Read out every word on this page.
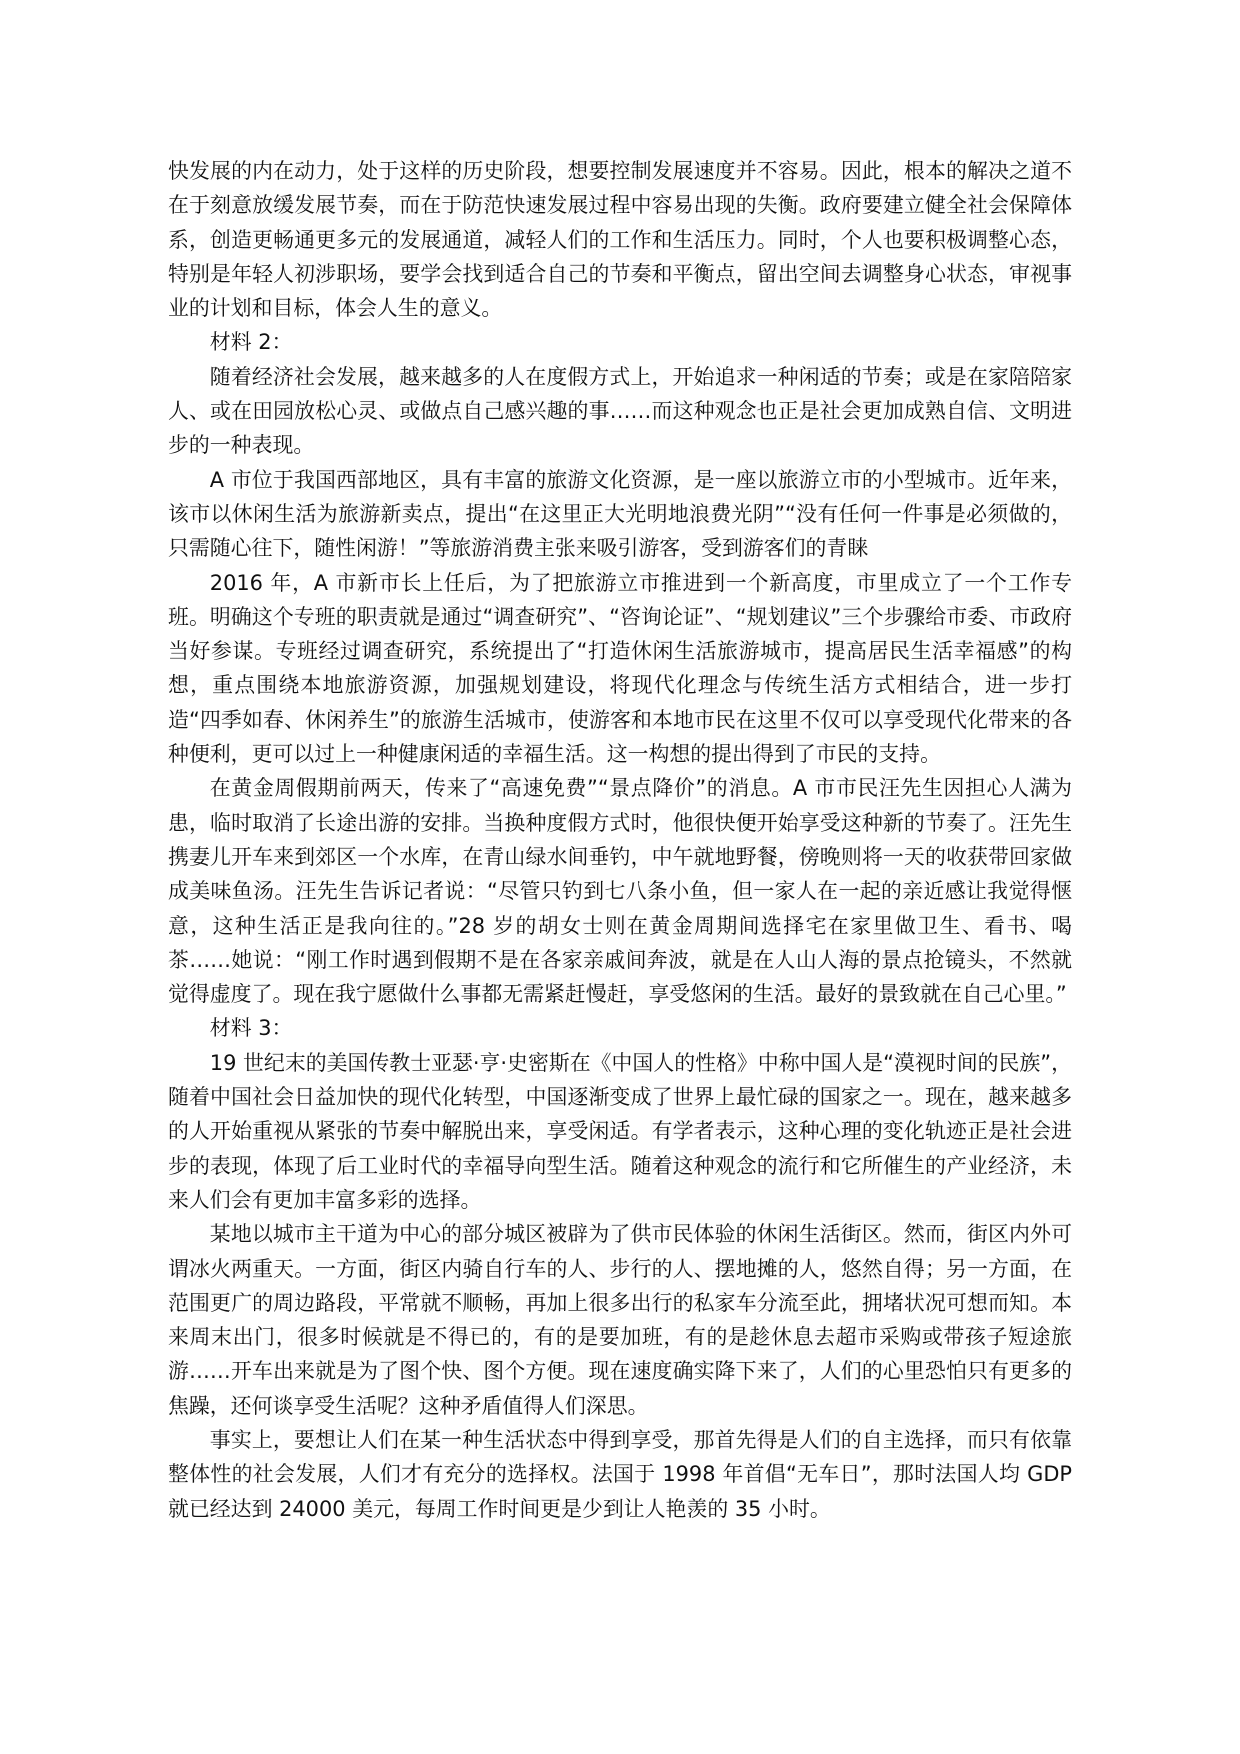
快发展的内在动力，处于这样的历史阶段，想要控制发展速度并不容易。因此，根本的解决之道不在于刻意放缓发展节奏，而在于防范快速发展过程中容易出现的失衡。政府要建立健全社会保障体系，创造更畅通更多元的发展通道，减轻人们的工作和生活压力。同时，个人也要积极调整心态，特别是年轻人初涉职场，要学会找到适合自己的节奏和平衡点，留出空间去调整身心状态，审视事业的计划和目标，体会人生的意义。

材料 2：

随着经济社会发展，越来越多的人在度假方式上，开始追求一种闲适的节奏；或是在家陪陪家人、或在田园放松心灵、或做点自己感兴趣的事……而这种观念也正是社会更加成熟自信、文明进步的一种表现。

A 市位于我国西部地区，具有丰富的旅游文化资源，是一座以旅游立市的小型城市。近年来，该市以休闲生活为旅游新卖点，提出“在这里正大光明地浪费光阴”“没有任何一件事是必须做的，只需随心往下，随性闲游！”等旅游消费主张来吸引游客，受到游客们的青睐

2016 年，A 市新市长上任后，为了把旅游立市推进到一个新高度，市里成立了一个工作专班。明确这个专班的职责就是通过“调查研究”、“咨询论证”、“规划建议”三个步骤给市委、市政府当好参谋。专班经过调查研究，系统提出了“打造休闲生活旅游城市，提高居民生活幸福感”的构想，重点围绕本地旅游资源，加强规划建设，将现代化理念与传统生活方式相结合，进一步打造“四季如春、休闲养生”的旅游生活城市，使游客和本地市民在这里不仅可以享受现代化带来的各种便利，更可以过上一种健康闲适的幸福生活。这一构想的提出得到了市民的支持。

在黄金周假期前两天，传来了“高速免费”“景点降价”的消息。A 市市民汪先生因担心人满为患，临时取消了长途出游的安排。当换种度假方式时，他很快便开始享受这种新的节奏了。汪先生携妻儿开车来到郊区一个水库，在青山绿水间垂钓，中午就地野餐，傍晚则将一天的收获带回家做成美味鱼汤。汪先生告诉记者说：“尽管只钓到七八条小鱼，但一家人在一起的亲近感让我觉得惬意，这种生活正是我向往的。”28 岁的胡女士则在黄金周期间选择宅在家里做卫生、看书、喝茶……她说：“刚工作时遇到假期不是在各家亲戚间奔波，就是在人山人海的景点抢镜头，不然就觉得虚度了。现在我宁愿做什么事都无需紧赶慢赶，享受悠闲的生活。最好的景致就在自己心里。”

材料 3：

19 世纪末的美国传教士亚瑟·亨·史密斯在《中国人的性格》中称中国人是“漠视时间的民族”，随着中国社会日益加快的现代化转型，中国逐渐变成了世界上最忙碌的国家之一。现在，越来越多的人开始重视从紧张的节奏中解脱出来，享受闲适。有学者表示，这种心理的变化轨迹正是社会进步的表现，体现了后工业时代的幸福导向型生活。随着这种观念的流行和它所催生的产业经济，未来人们会有更加丰富多彩的选择。

某地以城市主干道为中心的部分城区被辟为了供市民体验的休闲生活街区。然而，街区内外可谓冰火两重天。一方面，街区内骑自行车的人、步行的人、摆地摊的人，悠然自得；另一方面，在范围更广的周边路段，平常就不顺畅，再加上很多出行的私家车分流至此，拥堵状况可想而知。本来周末出门，很多时候就是不得已的，有的是要加班，有的是趁休息去超市采购或带孩子短途旅游……开车出来就是为了图个快、图个方便。现在速度确实降下来了，人们的心里恐怕只有更多的焦躁，还何谈享受生活呢？这种矛盾值得人们深思。

事实上，要想让人们在某一种生活状态中得到享受，那首先得是人们的自主选择，而只有依靠整体性的社会发展，人们才有充分的选择权。法国于 1998 年首倡“无车日”，那时法国人均 GDP 就已经达到 24000 美元，每周工作时间更是少到让人艳羡的 35 小时。
